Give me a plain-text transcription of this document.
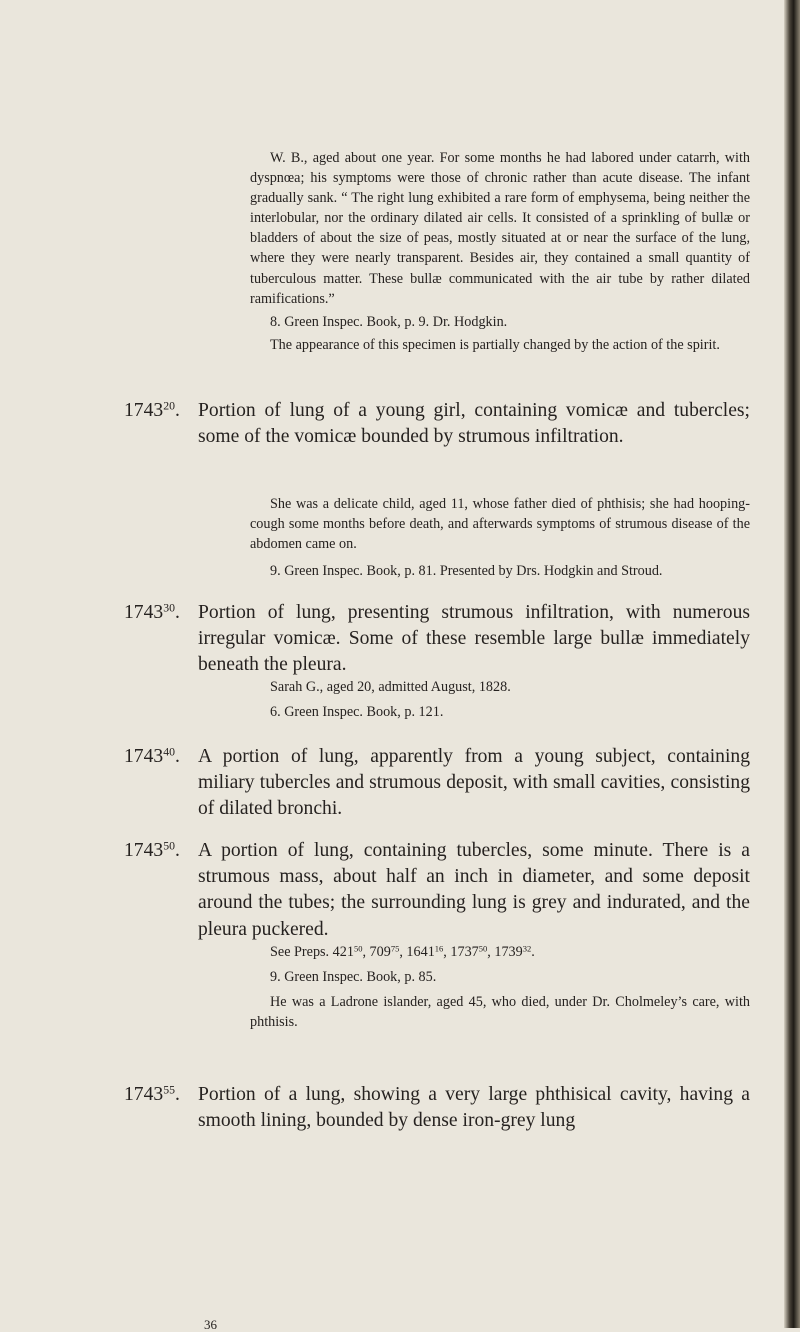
W. B., aged about one year. For some months he had labored under catarrh, with dyspnœa; his symptoms were those of chronic rather than acute disease. The infant gradually sank. “ The right lung exhibited a rare form of emphysema, being neither the interlobular, nor the ordinary dilated air cells. It consisted of a sprinkling of bullæ or bladders of about the size of peas, mostly situated at or near the surface of the lung, where they were nearly transparent. Besides air, they contained a small quantity of tuberculous matter. These bullæ communicated with the air tube by rather dilated ramifications.”

8. Green Inspec. Book, p. 9. Dr. Hodgkin.

The appearance of this specimen is partially changed by the action of the spirit.

1743$^{20}$. Portion of lung of a young girl, containing vomicæ and tubercles; some of the vomicæ bounded by strumous infiltration.

She was a delicate child, aged 11, whose father died of phthisis; she had hooping-cough some months before death, and afterwards symptoms of strumous disease of the abdomen came on.

9. Green Inspec. Book, p. 81. Presented by Drs. Hodgkin and Stroud.

1743$^{30}$. Portion of lung, presenting strumous infiltration, with numerous irregular vomicæ. Some of these resemble large bullæ immediately beneath the pleura.

Sarah G., aged 20, admitted August, 1828.

6. Green Inspec. Book, p. 121.

1743$^{40}$. A portion of lung, apparently from a young subject, containing miliary tubercles and strumous deposit, with small cavities, consisting of dilated bronchi.

1743$^{50}$. A portion of lung, containing tubercles, some minute. There is a strumous mass, about half an inch in diameter, and some deposit around the tubes; the surrounding lung is grey and indurated, and the pleura puckered.

See Preps. $421^{50}$, $709^{75}$, 1641$^{16}$, 1737$^{50}$, 1739$^{32}$.

9. Green Inspec. Book, p. 85.

He was a Ladrone islander, aged 45, who died, under Dr. Cholmeley’s care, with phthisis.

1743$^{55}$. Portion of a lung, showing a very large phthisical cavity, having a smooth lining, bounded by dense iron-grey lung

36
